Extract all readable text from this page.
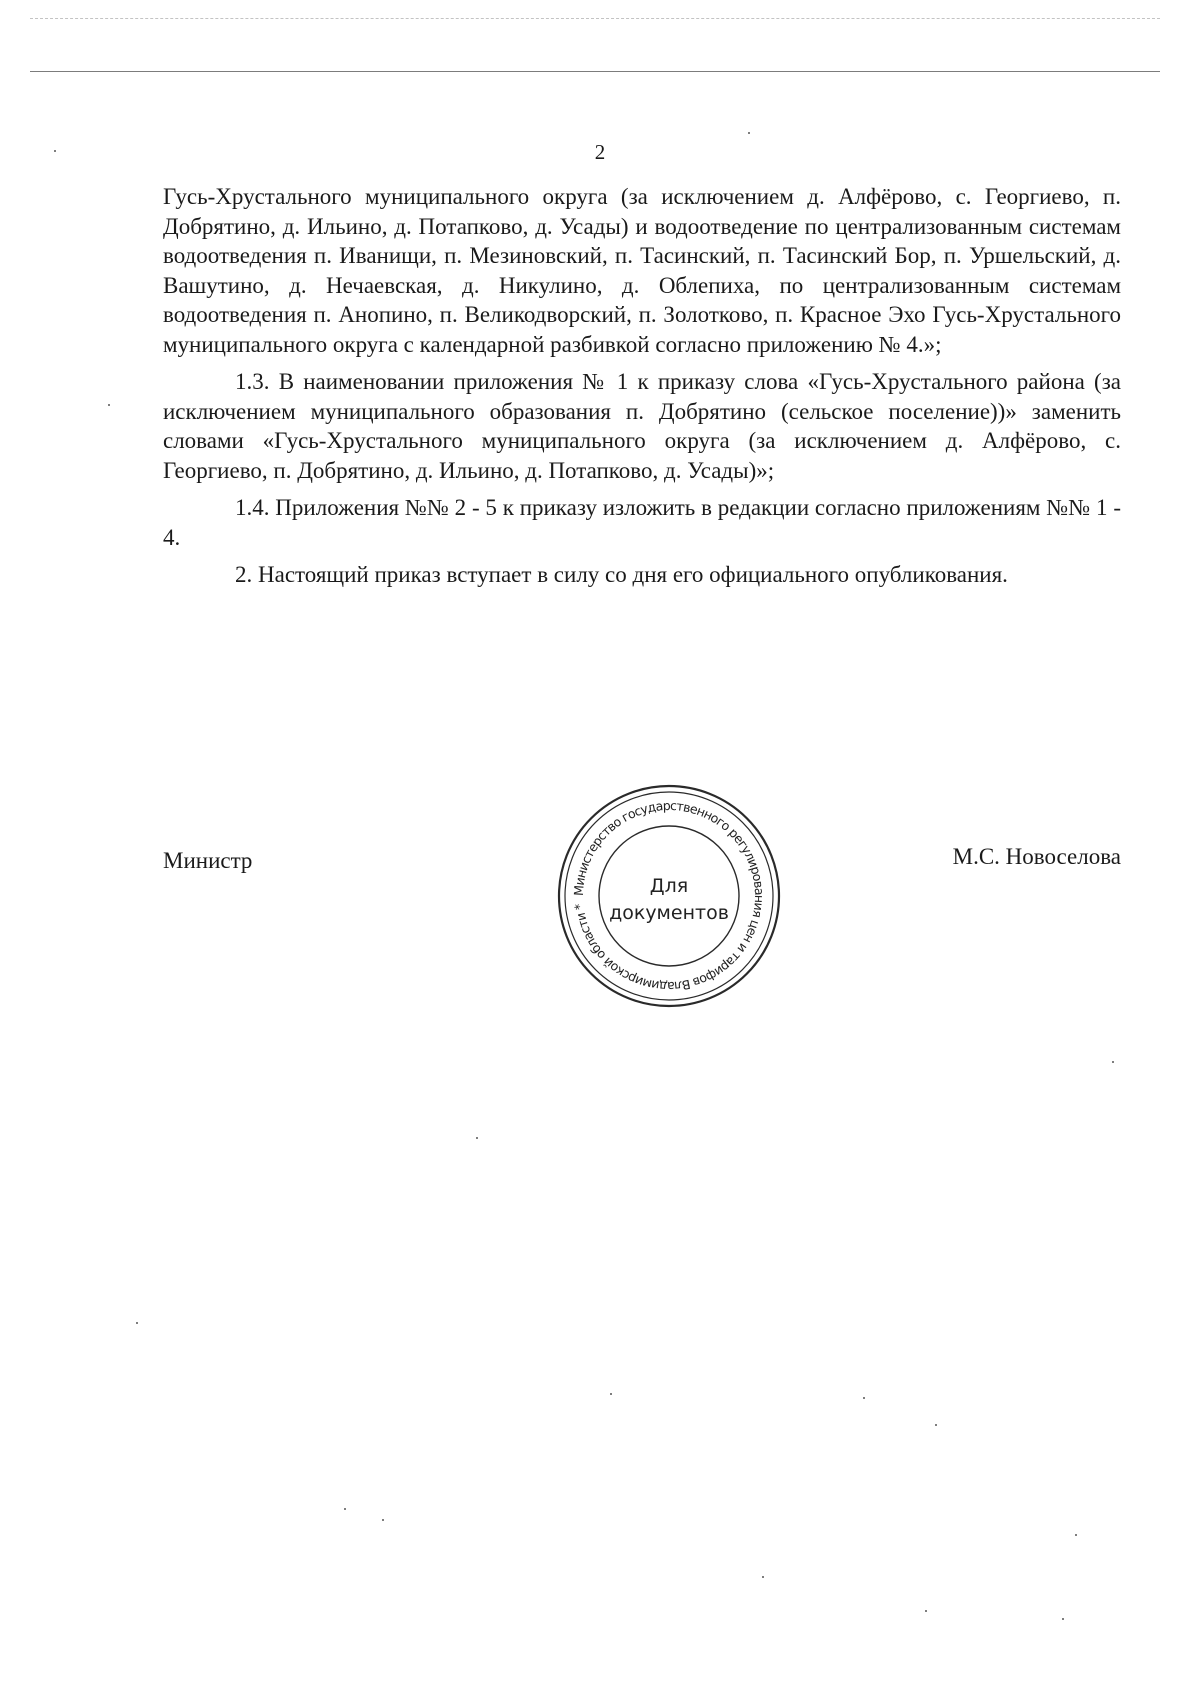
2

Гусь-Хрустального муниципального округа (за исключением д. Алфёрово, с. Георгиево, п. Добрятино, д. Ильино, д. Потапково, д. Усады) и водоотведение по централизованным системам водоотведения п. Иванищи, п. Мезиновский, п. Тасинский, п. Тасинский Бор, п. Уршельский, д. Вашутино, д. Нечаевская, д. Никулино, д. Облепиха, по централизованным системам водоотведения п. Анопино, п. Великодворский, п. Золотково, п. Красное Эхо Гусь-Хрустального муниципального округа с календарной разбивкой согласно приложению № 4.»;

1.3. В наименовании приложения № 1 к приказу слова «Гусь-Хрустального района (за исключением муниципального образования п. Добрятино (сельское поселение))» заменить словами «Гусь-Хрустального муниципального округа (за исключением д. Алфёрово, с. Георгиево, п. Добрятино, д. Ильино, д. Потапково, д. Усады)»;

1.4. Приложения №№ 2 - 5 к приказу изложить в редакции согласно приложениям №№ 1 - 4.

2. Настоящий приказ вступает в силу со дня его официального опубликования.

Министр	М.С. Новоселова
Министерство государственного регулирования цен и тарифов Владимирской области *
Для
документов
